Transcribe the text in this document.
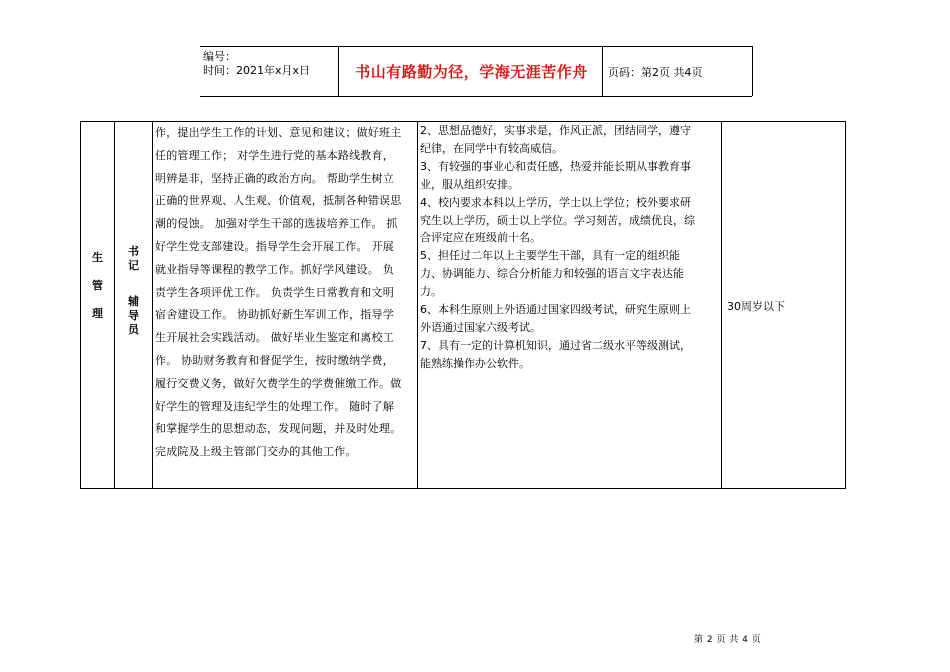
编号：
时间：2021年x月x日	书山有路勤为径，学海无涯苦作舟	页码：第2页 共4页
生
管
理
书
记
辅
导
员

作，提出学生工作的计划、意见和建议；做好班主

任的管理工作； 对学生进行党的基本路线教育，

明辨是非，坚持正确的政治方向。 帮助学生树立

正确的世界观、人生观、价值观，抵制各种错误思

潮的侵蚀。 加强对学生干部的选拔培养工作。 抓

好学生党支部建设。指导学生会开展工作。 开展

就业指导等课程的教学工作。抓好学风建设。 负

责学生各项评优工作。 负责学生日常教育和文明

宿舍建设工作。 协助抓好新生军训工作，指导学

生开展社会实践活动。 做好毕业生鉴定和离校工

作。 协助财务教育和督促学生，按时缴纳学费，

履行交费义务，做好欠费学生的学费催缴工作。做

好学生的管理及违纪学生的处理工作。 随时了解

和掌握学生的思想动态，发现问题，并及时处理。

完成院及上级主管部门交办的其他工作。

2、思想品德好，实事求是，作风正派，团结同学，遵守

纪律，在同学中有较高威信。

3、有较强的事业心和责任感，热爱并能长期从事教育事

业，服从组织安排。

4、校内要求本科以上学历，学士以上学位；校外要求研

究生以上学历，硕士以上学位。学习刻苦，成绩优良，综

合评定应在班级前十名。

5、担任过二年以上主要学生干部，具有一定的组织能

力、协调能力、综合分析能力和较强的语言文字表达能

力。

6、本科生原则上外语通过国家四级考试，研究生原则上

外语通过国家六级考试。

7、具有一定的计算机知识，通过省二级水平等级测试，

能熟练操作办公软件。

30周岁以下
第 2 页 共 4 页
